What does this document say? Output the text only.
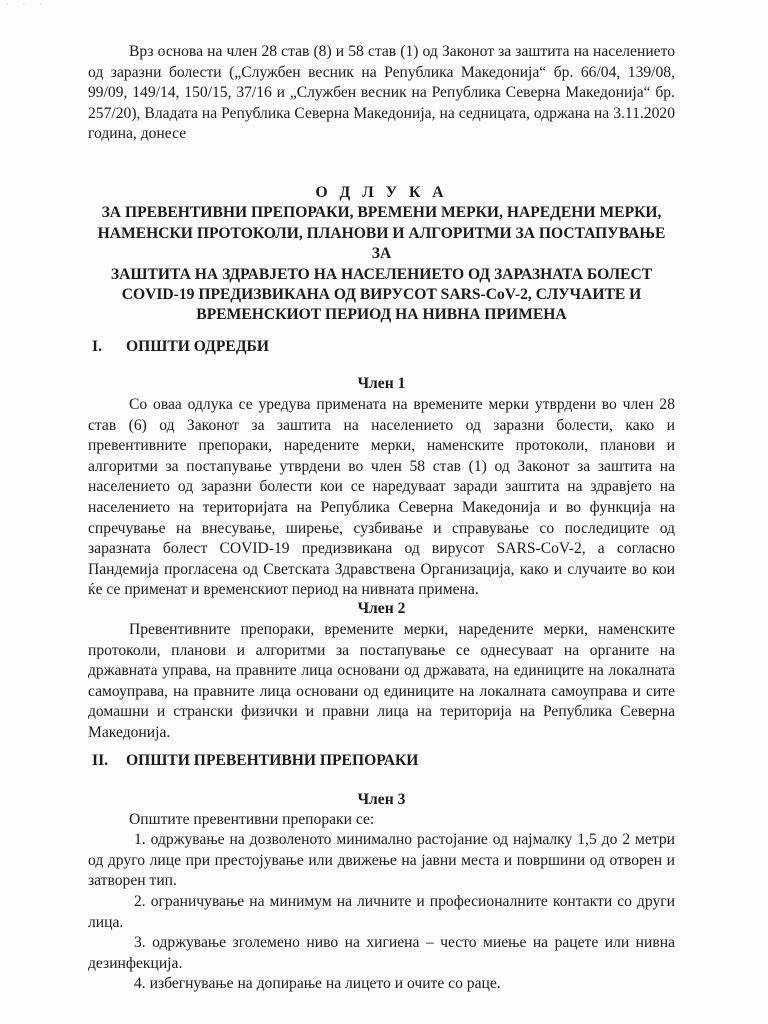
· · ·

Врз основа на член 28 став (8) и 58 став (1) од Законот за заштита на населението од заразни болести („Службен весник на Република Македонија“ бр. 66/04, 139/08, 99/09, 149/14, 150/15, 37/16 и „Службен весник на Република Северна Македонија“ бр. 257/20), Владата на Република Северна Македонија, на седницата, одржана на 3.11.2020 година, донесе

О Д Л У К А
ЗА ПРЕВЕНТИВНИ ПРЕПОРАКИ, ВРЕМЕНИ МЕРКИ, НАРЕДЕНИ МЕРКИ,
НАМЕНСКИ ПРОТОКОЛИ, ПЛАНОВИ И АЛГОРИТМИ ЗА ПОСТАПУВАЊЕ ЗА
ЗАШТИТА НА ЗДРАВЈЕТО НА НАСЕЛЕНИЕТО ОД ЗАРАЗНАТА БОЛЕСТ
COVID-19 ПРЕДИЗВИКАНА ОД ВИРУСОТ SARS-CoV-2, СЛУЧАИТЕ И
ВРЕМЕНСКИОТ ПЕРИОД НА НИВНА ПРИМЕНА
I.	ОПШТИ ОДРЕДБИ
Член 1

Со оваа одлука се уредува примената на времените мерки утврдени во член 28 став (6) од Законот за заштита на населението од заразни болести, како и превентивните препораки, наредените мерки, наменските протоколи, планови и алгоритми за постапување утврдени во член 58 став (1) од Законот за заштита на населението од заразни болести кои се наредуваат заради заштита на здравјето на населението на територијата на Република Северна Македонија и во функција на спречување на внесување, ширење, сузбивање и справување со последиците од заразната болест COVID-19 предизвикана од вирусот SARS-CoV-2, а согласно Пандемија прогласена од Светската Здравствена Организација, како и случаите во кои ќе се применат и временскиот период на нивната примена.

Член 2

Превентивните препораки, времените мерки, наредените мерки, наменските протоколи, планови и алгоритми за постапување се однесуваат на органите на државната управа, на правните лица основани од државата, на единиците на локалната самоуправа, на правните лица основани од единиците на локалната самоуправа и сите домашни и странски физички и правни лица на територија на Република Северна Македонија.

II.	ОПШТИ ПРЕВЕНТИВНИ ПРЕПОРАКИ
Член 3

Општите превентивни препораки се:

1. одржување на дозволеното минимално растојание од најмалку 1,5 до 2 метри од друго лице при престојување или движење на јавни места и површини од отворен и затворен тип.

2. ограничување на минимум на личните и професионалните контакти со други лица.

3. одржување зголемено ниво на хигиена – често миење на рацете или нивна дезинфекција.

4. избегнување на допирање на лицето и очите со раце.
